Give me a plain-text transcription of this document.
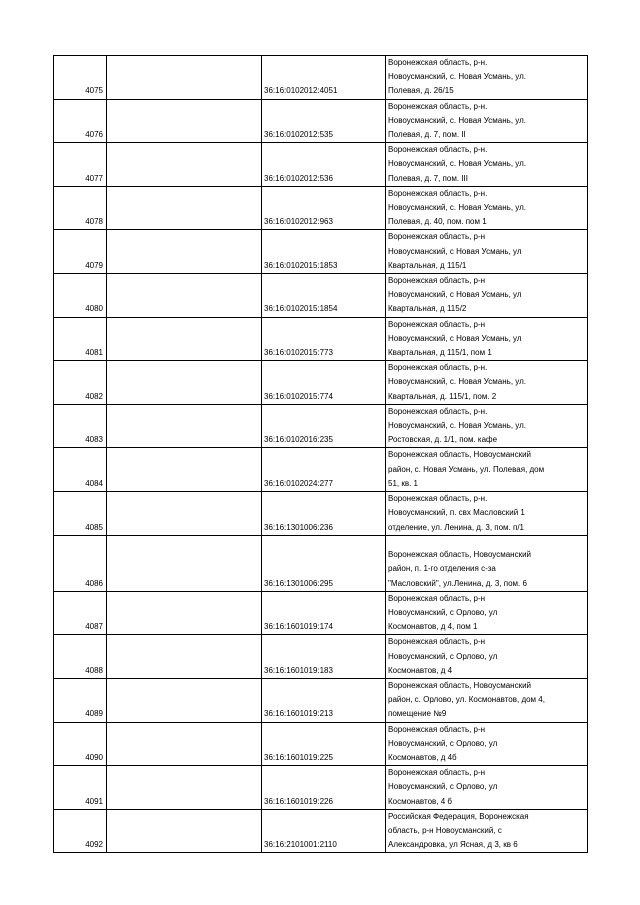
4075		36:16:0102012:4051	Воронежская область, р-н.
Новоусманский, с. Новая Усмань, ул.
Полевая, д. 26/15
4076		36:16:0102012:535	Воронежская область, р-н.
Новоусманский, с. Новая Усмань, ул.
Полевая, д. 7, пом. II
4077		36:16:0102012:536	Воронежская область, р-н.
Новоусманский, с. Новая Усмань, ул.
Полевая, д. 7, пом. III
4078		36:16:0102012:963	Воронежская область, р-н.
Новоусманский, с. Новая Усмань, ул.
Полевая, д. 40, пом. пом 1
4079		36:16:0102015:1853	Воронежская область, р-н
Новоусманский, с Новая Усмань, ул
Квартальная, д 115/1
4080		36:16:0102015:1854	Воронежская область, р-н
Новоусманский, с Новая Усмань, ул
Квартальная, д 115/2
4081		36:16:0102015:773	Воронежская область, р-н
Новоусманский, с Новая Усмань, ул
Квартальная, д 115/1, пом 1
4082		36:16:0102015:774	Воронежская область, р-н.
Новоусманский, с. Новая Усмань, ул.
Квартальная, д. 115/1, пом. 2
4083		36:16:0102016:235	Воронежская область, р-н.
Новоусманский, с. Новая Усмань, ул.
Ростовская, д. 1/1, пом. кафе
4084		36:16:0102024:277	Воронежская область, Новоусманский
район, с. Новая Усмань, ул. Полевая, дом
51, кв. 1
4085		36:16:1301006:236	Воронежская область, р-н.
Новоусманский, п. свх Масловский 1
отделение, ул. Ленина, д. 3, пом. п/1
4086		36:16:1301006:295	Воронежская область, Новоусманский
район, п. 1-го отделения с-за
"Масловский", ул.Ленина, д. 3, пом. 6
4087		36:16:1601019:174	Воронежская область, р-н
Новоусманский, с Орлово, ул
Космонавтов, д 4, пом 1
4088		36:16:1601019:183	Воронежская область, р-н
Новоусманский, с Орлово, ул
Космонавтов, д 4
4089		36:16:1601019:213	Воронежская область, Новоусманский
район, с. Орлово, ул. Космонавтов, дом 4,
помещение №9
4090		36:16:1601019:225	Воронежская область, р-н
Новоусманский, с Орлово, ул
Космонавтов, д 4б
4091		36:16:1601019:226	Воронежская область, р-н
Новоусманский, с Орлово, ул
Космонавтов, 4 б
4092		36:16:2101001:2110	Российская Федерация, Воронежская
область, р-н Новоусманский, с
Александровка, ул Ясная, д 3, кв 6
